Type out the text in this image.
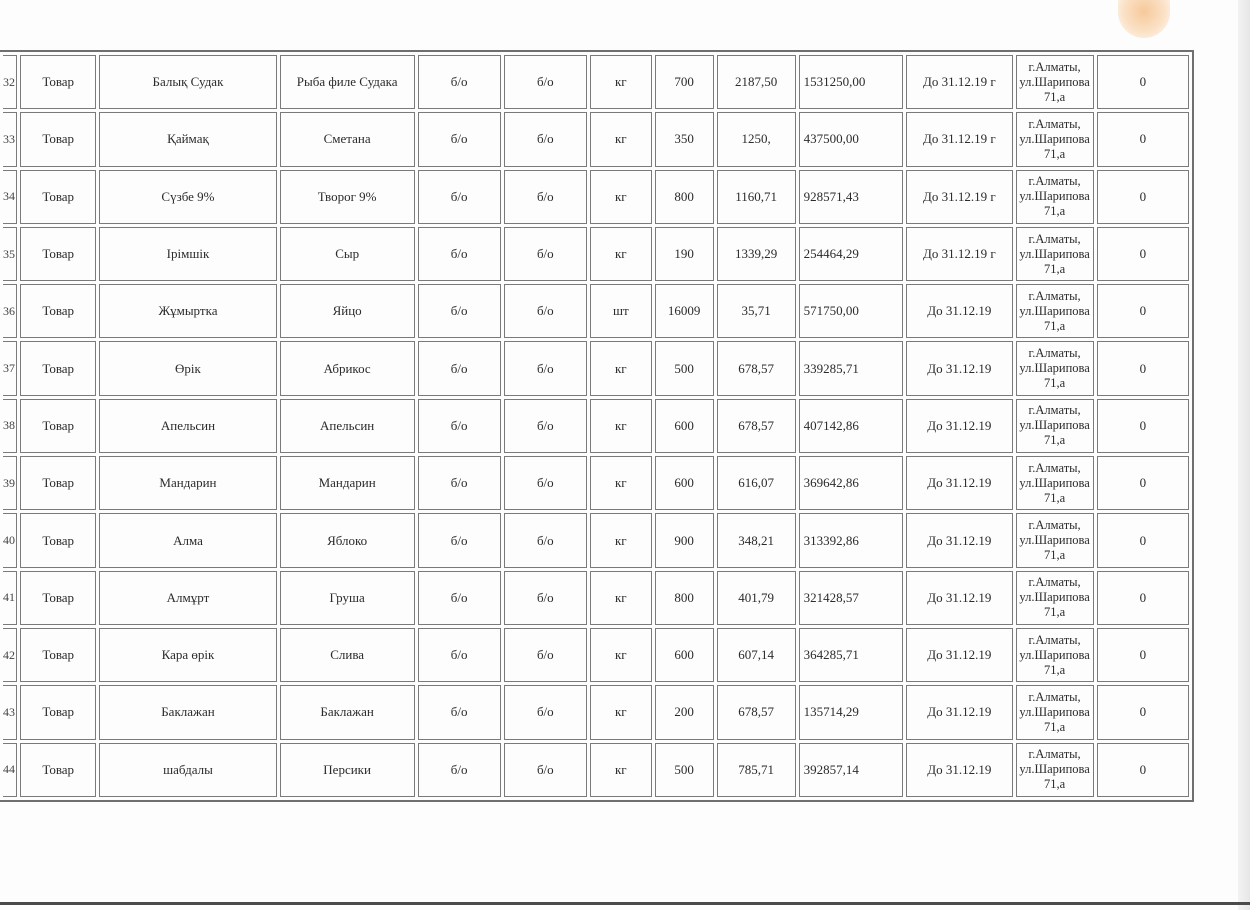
32	Товар	Балық Судак	Рыба филе Судака	б/о	б/о	кг	700	2187,50	1531250,00	До 31.12.19 г	г.Алматы, ул.Шарипова 71,а	0
33	Товар	Қаймақ	Сметана	б/о	б/о	кг	350	1250,	437500,00	До 31.12.19 г	г.Алматы, ул.Шарипова 71,а	0
34	Товар	Сүзбе 9%	Творог 9%	б/о	б/о	кг	800	1160,71	928571,43	До 31.12.19 г	г.Алматы, ул.Шарипова 71,а	0
35	Товар	Ірімшік	Сыр	б/о	б/о	кг	190	1339,29	254464,29	До 31.12.19 г	г.Алматы, ул.Шарипова 71,а	0
36	Товар	Жұмыртка	Яйцо	б/о	б/о	шт	16009	35,71	571750,00	До 31.12.19	г.Алматы, ул.Шарипова 71,а	0
37	Товар	Өрік	Абрикос	б/о	б/о	кг	500	678,57	339285,71	До 31.12.19	г.Алматы, ул.Шарипова 71,а	0
38	Товар	Апельсин	Апельсин	б/о	б/о	кг	600	678,57	407142,86	До 31.12.19	г.Алматы, ул.Шарипова 71,а	0
39	Товар	Мандарин	Мандарин	б/о	б/о	кг	600	616,07	369642,86	До 31.12.19	г.Алматы, ул.Шарипова 71,а	0
40	Товар	Алма	Яблоко	б/о	б/о	кг	900	348,21	313392,86	До 31.12.19	г.Алматы, ул.Шарипова 71,а	0
41	Товар	Алмұрт	Груша	б/о	б/о	кг	800	401,79	321428,57	До 31.12.19	г.Алматы, ул.Шарипова 71,а	0
42	Товар	Кара өрік	Слива	б/о	б/о	кг	600	607,14	364285,71	До 31.12.19	г.Алматы, ул.Шарипова 71,а	0
43	Товар	Баклажан	Баклажан	б/о	б/о	кг	200	678,57	135714,29	До 31.12.19	г.Алматы, ул.Шарипова 71,а	0
44	Товар	шабдалы	Персики	б/о	б/о	кг	500	785,71	392857,14	До 31.12.19	г.Алматы, ул.Шарипова 71,а	0
